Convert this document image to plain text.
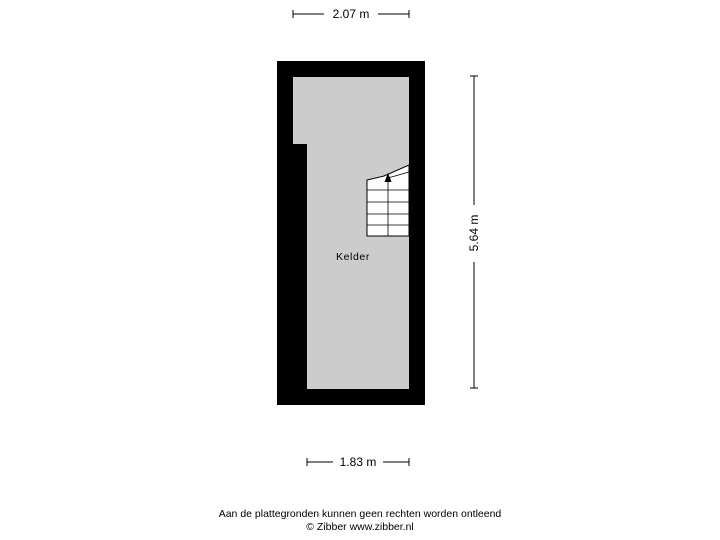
2.07 m
5.64 m
1.83 m
Kelder
Aan de plattegronden kunnen geen rechten worden ontleend
© Zibber www.zibber.nl
